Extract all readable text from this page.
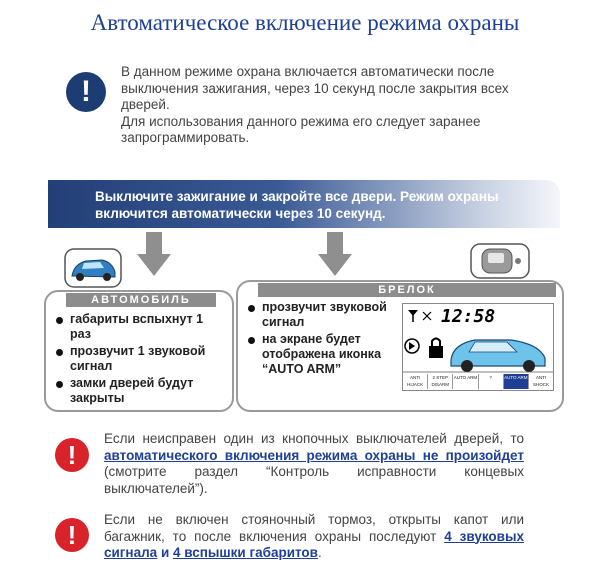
Автоматическое включение режима охраны
!

В данном режиме охрана включается автоматически после выключения зажигания, через 10 секунд после закрытия всех дверей.

Для использования данного режима его следует заранее запрограммировать.

Выключите зажигание и закройте все двери. Режим охраны включится автоматически через 10 секунд.
АВТОМОБИЛЬ
габариты вспыхнут 1 раз
прозвучит 1 звуковой сигнал
замки дверей будут закрыты
БРЕЛОК
прозвучит звуковой сигнал
на экране будет отображена иконка “AUTO ARM”
12:58
ANTI HIJACK
2 STEP DISARM
AUTO ARM	?	AUTO ARM	ANTI SHOCK
!
Если неисправен один из кнопочных выключателей дверей, то автоматического включения режима охраны не произойдет (смотрите раздел “Контроль исправности концевых выключателей”).
!
Если не включен стояночный тормоз, открыты капот или багажник, то после включения охраны последуют 4 звуковых сигнала и 4 вспышки габаритов.
